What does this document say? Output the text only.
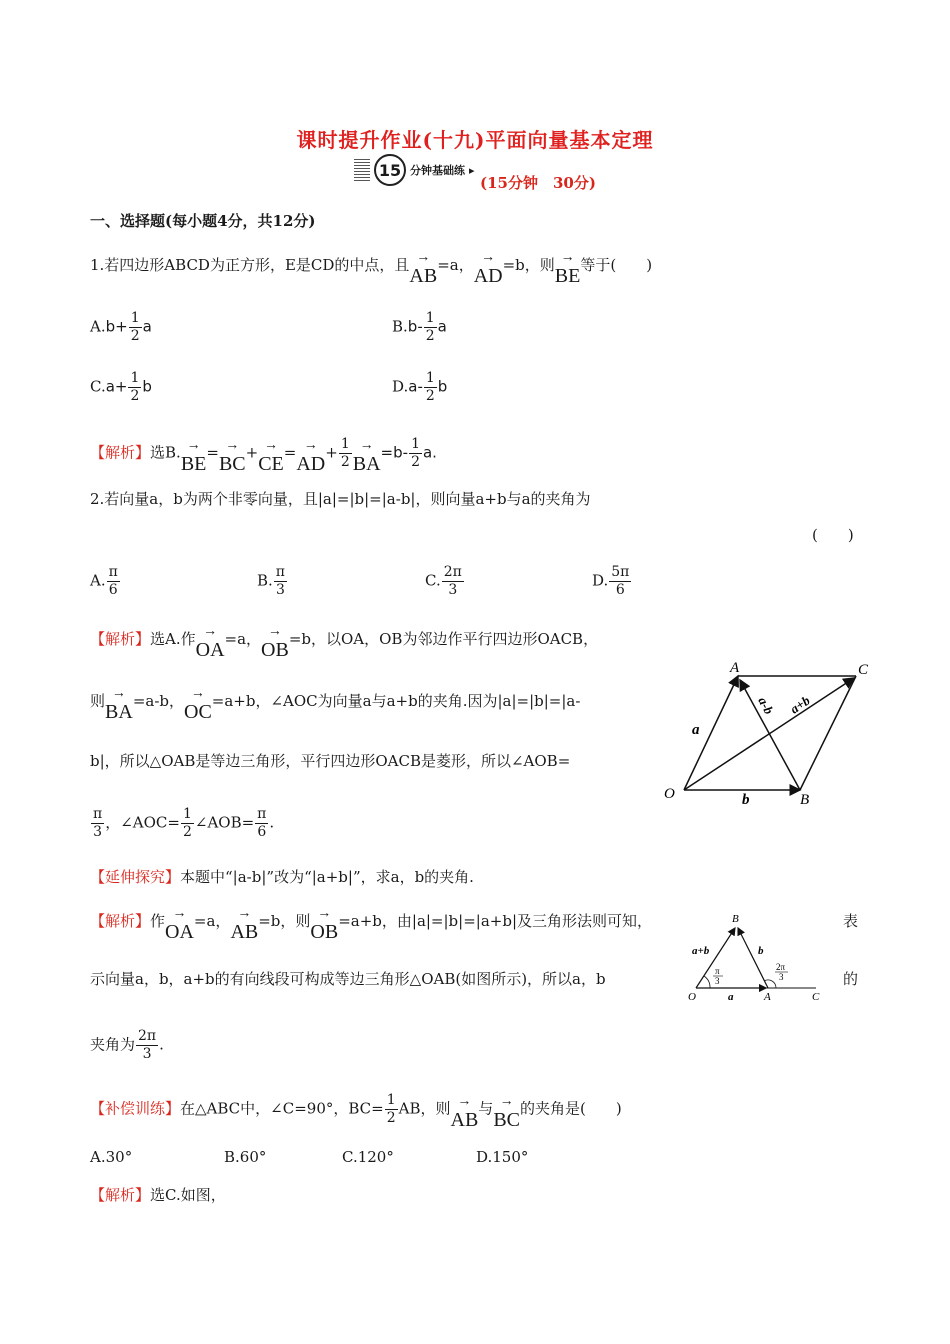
课时提升作业(十九)平面向量基本定理
15 分钟基础练 ▸
(15分钟　30分)
一、选择题(每小题4分，共12分)
1.若四边形ABCD为正方形，E是CD的中点，且→ AB=a，→ AD=b，则→ BE等于(　　)
$A.b+ \frac{1}{2}$ a	$B.b- \frac{1}{2}$ a
$C.a+ \frac{1}{2}$ b	$D.a- \frac{1}{2}$ b
【解析】选$B.\to BE=\to BC+\to CE=\to AD+ \frac{1}{2}$
→ $BA=b- \frac{1}{2} a$.
2.若向量a，b为两个非零向量，且|a|=|b|=|a-b|，则向量a+b与a的夹角为
(　　)
A. $\frac{\pi}{6}$	B. $\frac{\pi}{3}$	C. $\frac{2\pi}{3}$	D. $\frac{5\pi}{6}$
【解析】选A.作→ OA=a，→ OB=b，以OA，OB为邻边作平行四边形OACB，
则→ BA=a-b，→ OC=a+b，∠AOC为向量a与a+b的夹角.因为|a|=|b|=|a-
b|，所以△OAB是等边三角形，平行四边形OACB是菱形，所以∠AOB=
$\frac{\pi}{3}$ ，∠AOC= $\frac{1}{2}$ ∠AOB= $\frac{\pi}{6}$ .
A	C
O	B
a
b
a-b a+b
【延伸探究】本题中“|a-b|”改为“|a+b|”，求a，b的夹角.
【解析】作→ OA=a，→ AB=b，则→ OB=a+b，由|a|=|b|=|a+b|及三角形法则可知，	表
示向量a，b，a+b的有向线段可构成等边三角形△OAB(如图所示)，所以a，b	的
夹角为 $\frac{2\pi}{3}$ .
B
O	A	C
a
b
a+b
π
3
2π
3
【补偿训练】在△ABC中，∠C=90°，$BC= \frac{1}{2}$ AB，则→ AB与→ BC的夹角是(　　)
A.30°	B.60°	C.120°	D.150°
【解析】选C.如图，
